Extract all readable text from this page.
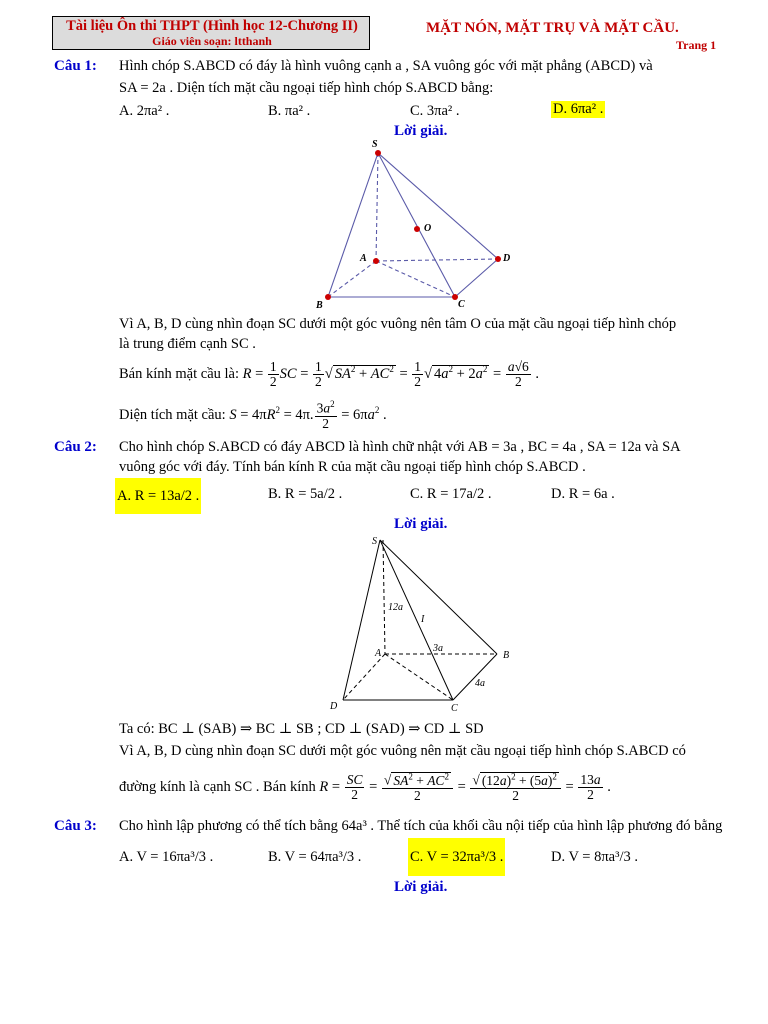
Tài liệu Ôn thi THPT (Hình học 12-Chương II)
Giáo viên soạn: ltthanh
MẶT NÓN, MẶT TRỤ VÀ MẶT CẦU.
Trang 1
Câu 1: Hình chóp S.ABCD có đáy là hình vuông cạnh a , SA vuông góc với mặt phẳng (ABCD) và
SA = 2a . Diện tích mặt cầu ngoại tiếp hình chóp S.ABCD bằng:
A. 2πa² .	B. πa² .	C. 3πa² .	D. 6πa² .
Lời giải.
S
O
A	D
B	C
Vì A, B, D cùng nhìn đoạn SC dưới một góc vuông nên tâm O của mặt cầu ngoại tiếp hình chóp
là trung điểm cạnh SC .
Bán kính mặt cầu là: $R = \frac{1}{2}$ SC = $\frac{1}{2}$ √ $SA^2 + AC^2 = \frac{1}{2}$ √ $4a^2 + 2a^2 = \frac{a√6}{2}$ .
Diện tích mặt cầu: $S = 4\pi R^2 = 4\pi$. $\frac{3a^2}{2} = 6\pi a^2$ .
Câu 2: Cho hình chóp S.ABCD có đáy ABCD là hình chữ nhật với AB = 3a , BC = 4a , SA = 12a và SA
vuông góc với đáy. Tính bán kính R của mặt cầu ngoại tiếp hình chóp S.ABCD .
A. R = 13a/2 .	B. R = 5a/2 .	C. R = 17a/2 .	D. R = 6a .
Lời giải.
S
12a
I
3a
A	B
4a
D	C
Ta có: BC ⊥ (SAB) ⇒ BC ⊥ SB ; CD ⊥ (SAD) ⇒ CD ⊥ SD
Vì A, B, D cùng nhìn đoạn SC dưới một góc vuông nên mặt cầu ngoại tiếp hình chóp S.ABCD có
đường kính là cạnh SC . Bán kính $R = \frac{SC}{2} = \frac{√ SA^2 + AC^2}{2} = \frac{√ (12a)^2 + (5a)^2}{2} = \frac{13a}{2}$ .
Câu 3: Cho hình lập phương có thể tích bằng 64a³ . Thể tích của khối cầu nội tiếp của hình lập phương đó bằng
A. V = 16πa³/3 .	B. V = 64πa³/3 .	C. V = 32πa³/3 .	D. V = 8πa³/3 .
Lời giải.
